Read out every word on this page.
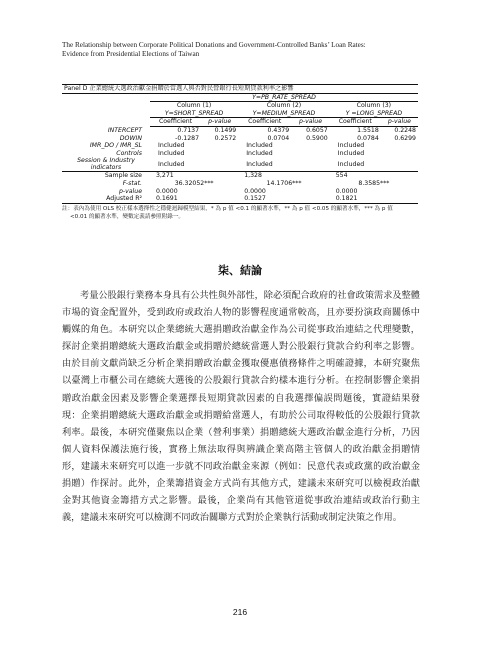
The Relationship between Corporate Political Donations and Government-Controlled Banks’ Loan Rates:
Evidence from Presidential Elections of Taiwan
Panel D 企業總統大選政治獻金捐贈於當選人與否對民營銀行長短期貸款利率之影響						
	Y=PB_RATE_SPREAD					
	Column (1)		Column (2)		Column (3)	
	Y=SHORT_SPREAD		Y=MEDIUM_SPREAD		Y =LONG_SPREAD	
	Coefficient	p-value	Coefficient	p-value	Coefficient	p-value
INTERCEPT	0.7137	0.1499	0.4379	0.6057	1.5518	0.2248
DOWIN	-0.1287	0.2572	0.0704	0.5900	0.0784	0.6299
IMR_DO / IMR_SL	Included		Included		Included	
Controls	Included		Included		Included	
Session & Industry indicators	Included		Included		Included	
Sample size	3,271		1,328		554	
F-stat.	36.32052***		14.1706***		8.3585***	
p-value	0.0000		0.0000		0.0000	
Adjusted R²	0.1691		0.1527		0.1821	
註：表內為使用 OLS 校正樣本選擇性之穩健迴歸模型結果，* 為 p 值 <0.1 的顯著水準，** 為 p 值 <0.05 的顯著水準，*** 為 p 值
<0.01 的顯著水準，變數定義請參照附錄一。
柒、結論
考量公股銀行業務本身具有公共性與外部性，除必須配合政府的社會政策需求及整體市場的資金配置外，受到政府或政治人物的影響程度通常較高，且亦要扮演政商關係中觸媒的角色。本研究以企業總統大選捐贈政治獻金作為公司從事政治連結之代理變數，探討企業捐贈總統大選政治獻金或捐贈於總統當選人對公股銀行貸款合約利率之影響。由於目前文獻尚缺乏分析企業捐贈政治獻金獲取優惠債務條件之明確證據，本研究聚焦以臺灣上市櫃公司在總統大選後的公股銀行貸款合約樣本進行分析。在控制影響企業捐贈政治獻金因素及影響企業選擇長短期貸款因素的自我選擇偏誤問題後，實證結果發現：企業捐贈總統大選政治獻金或捐贈給當選人，有助於公司取得較低的公股銀行貸款利率。最後，本研究僅聚焦以企業（營利事業）捐贈總統大選政治獻金進行分析，乃因個人資料保護法施行後，實務上無法取得與辨識企業高階主管個人的政治獻金捐贈情形，建議未來研究可以進一步就不同政治獻金來源（例如：民意代表或政黨的政治獻金捐贈）作探討。此外，企業籌措資金方式尚有其他方式，建議未來研究可以檢視政治獻金對其他資金籌措方式之影響。最後，企業尚有其他管道從事政治連結或政治行動主義，建議未來研究可以檢測不同政治關聯方式對於企業執行活動或制定決策之作用。
216
